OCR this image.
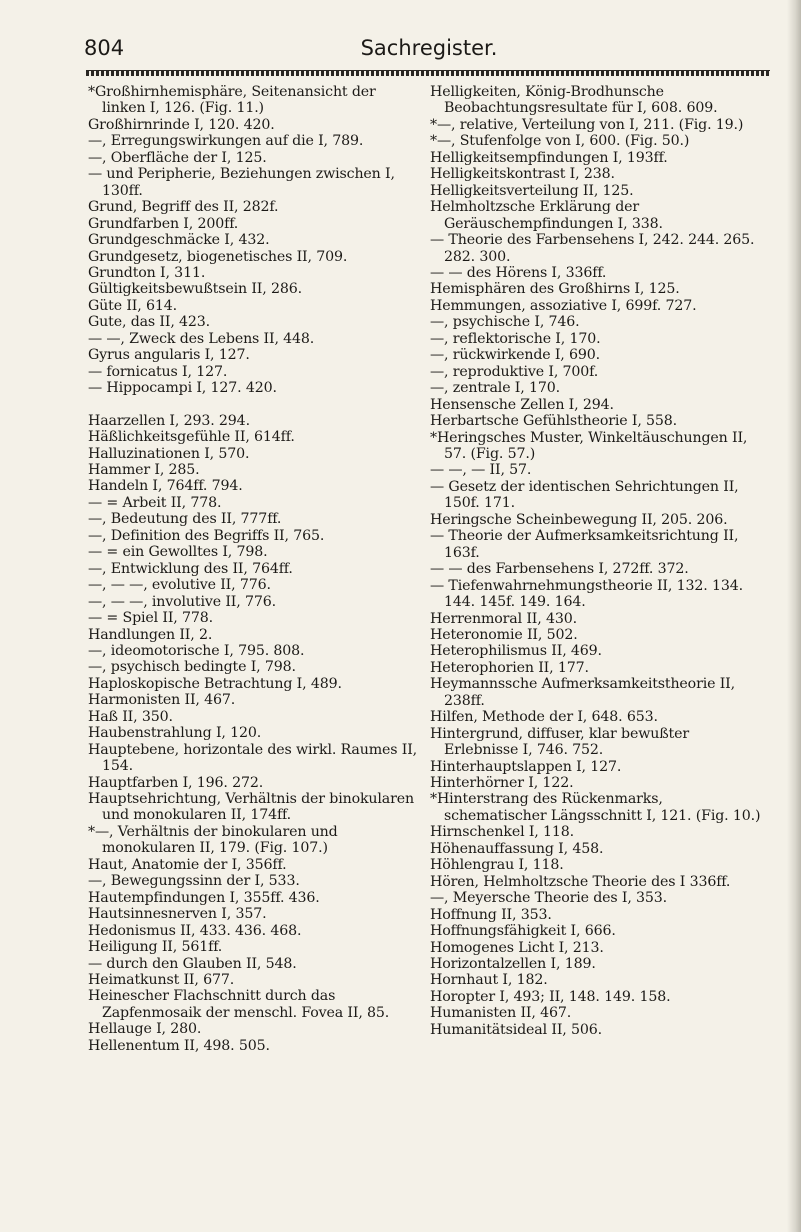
804	Sachregister.
*Großhirnhemisphäre, Seitenansicht der linken I, 126. (Fig. 11.)
Großhirnrinde I, 120. 420.
—, Erregungswirkungen auf die I, 789.
—, Oberfläche der I, 125.
— und Peripherie, Beziehungen zwischen I, 130ff.
Grund, Begriff des II, 282f.
Grundfarben I, 200ff.
Grundgeschmäcke I, 432.
Grundgesetz, biogenetisches II, 709.
Grundton I, 311.
Gültigkeitsbewußtsein II, 286.
Güte II, 614.
Gute, das II, 423.
— —, Zweck des Lebens II, 448.
Gyrus angularis I, 127.
— fornicatus I, 127.
— Hippocampi I, 127. 420.
Haarzellen I, 293. 294.
Häßlichkeitsgefühle II, 614ff.
Halluzinationen I, 570.
Hammer I, 285.
Handeln I, 764ff. 794.
— = Arbeit II, 778.
—, Bedeutung des II, 777ff.
—, Definition des Begriffs II, 765.
— = ein Gewolltes I, 798.
—, Entwicklung des II, 764ff.
—, — —, evolutive II, 776.
—, — —, involutive II, 776.
— = Spiel II, 778.
Handlungen II, 2.
—, ideomotorische I, 795. 808.
—, psychisch bedingte I, 798.
Haploskopische Betrachtung I, 489.
Harmonisten II, 467.
Haß II, 350.
Haubenstrahlung I, 120.
Hauptebene, horizontale des wirkl. Raumes II, 154.
Hauptfarben I, 196. 272.
Hauptsehrichtung, Verhältnis der binokularen und monokularen II, 174ff.
*—, Verhältnis der binokularen und monokularen II, 179. (Fig. 107.)
Haut, Anatomie der I, 356ff.
—, Bewegungssinn der I, 533.
Hautempfindungen I, 355ff. 436.
Hautsinnesnerven I, 357.
Hedonismus II, 433. 436. 468.
Heiligung II, 561ff.
— durch den Glauben II, 548.
Heimatkunst II, 677.
Heinescher Flachschnitt durch das Zapfenmosaik der menschl. Fovea II, 85.
Hellauge I, 280.
Hellenentum II, 498. 505.
Helligkeiten, König-Brodhunsche Beobachtungsresultate für I, 608. 609.
*—, relative, Verteilung von I, 211. (Fig. 19.)
*—, Stufenfolge von I, 600. (Fig. 50.)
Helligkeitsempfindungen I, 193ff.
Helligkeitskontrast I, 238.
Helligkeitsverteilung II, 125.
Helmholtzsche Erklärung der Geräuschempfindungen I, 338.
— Theorie des Farbensehens I, 242. 244. 265. 282. 300.
— — des Hörens I, 336ff.
Hemisphären des Großhirns I, 125.
Hemmungen, assoziative I, 699f. 727.
—, psychische I, 746.
—, reflektorische I, 170.
—, rückwirkende I, 690.
—, reproduktive I, 700f.
—, zentrale I, 170.
Hensensche Zellen I, 294.
Herbartsche Gefühlstheorie I, 558.
*Heringsches Muster, Winkeltäuschungen II, 57. (Fig. 57.)
— —, — II, 57.
— Gesetz der identischen Sehrichtungen II, 150f. 171.
Heringsche Scheinbewegung II, 205. 206.
— Theorie der Aufmerksamkeitsrichtung II, 163f.
— — des Farbensehens I, 272ff. 372.
— Tiefenwahrnehmungstheorie II, 132. 134. 144. 145f. 149. 164.
Herrenmoral II, 430.
Heteronomie II, 502.
Heterophilismus II, 469.
Heterophorien II, 177.
Heymannssche Aufmerksamkeitstheorie II, 238ff.
Hilfen, Methode der I, 648. 653.
Hintergrund, diffuser, klar bewußter Erlebnisse I, 746. 752.
Hinterhauptslappen I, 127.
Hinterhörner I, 122.
*Hinterstrang des Rückenmarks, schematischer Längsschnitt I, 121. (Fig. 10.)
Hirnschenkel I, 118.
Höhenauffassung I, 458.
Höhlengrau I, 118.
Hören, Helmholtzsche Theorie des I 336ff.
—, Meyersche Theorie des I, 353.
Hoffnung II, 353.
Hoffnungsfähigkeit I, 666.
Homogenes Licht I, 213.
Horizontalzellen I, 189.
Hornhaut I, 182.
Horopter I, 493; II, 148. 149. 158.
Humanisten II, 467.
Humanitätsideal II, 506.
